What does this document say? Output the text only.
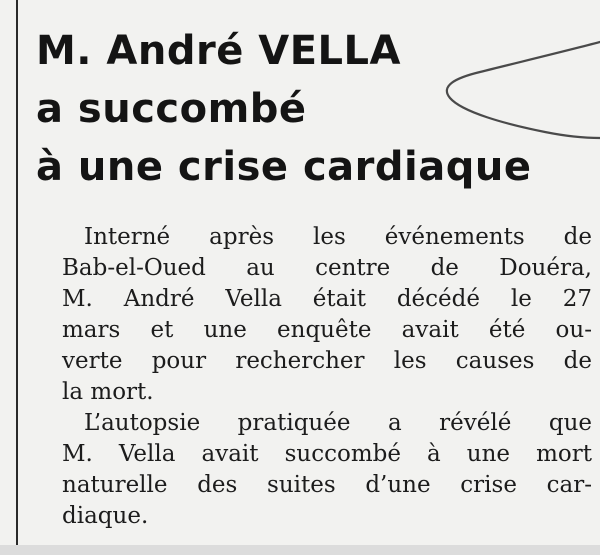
M. André VELLA
a succombé
à une crise cardiaque
Interné après les événements de
Bab-el-Oued au centre de Douéra,
M. André Vella était décédé le 27
mars et une enquête avait été ou-
verte pour rechercher les causes de
la mort.
L’autopsie pratiquée a révélé que
M. Vella avait succombé à une mort
naturelle des suites d’une crise car-
diaque.
